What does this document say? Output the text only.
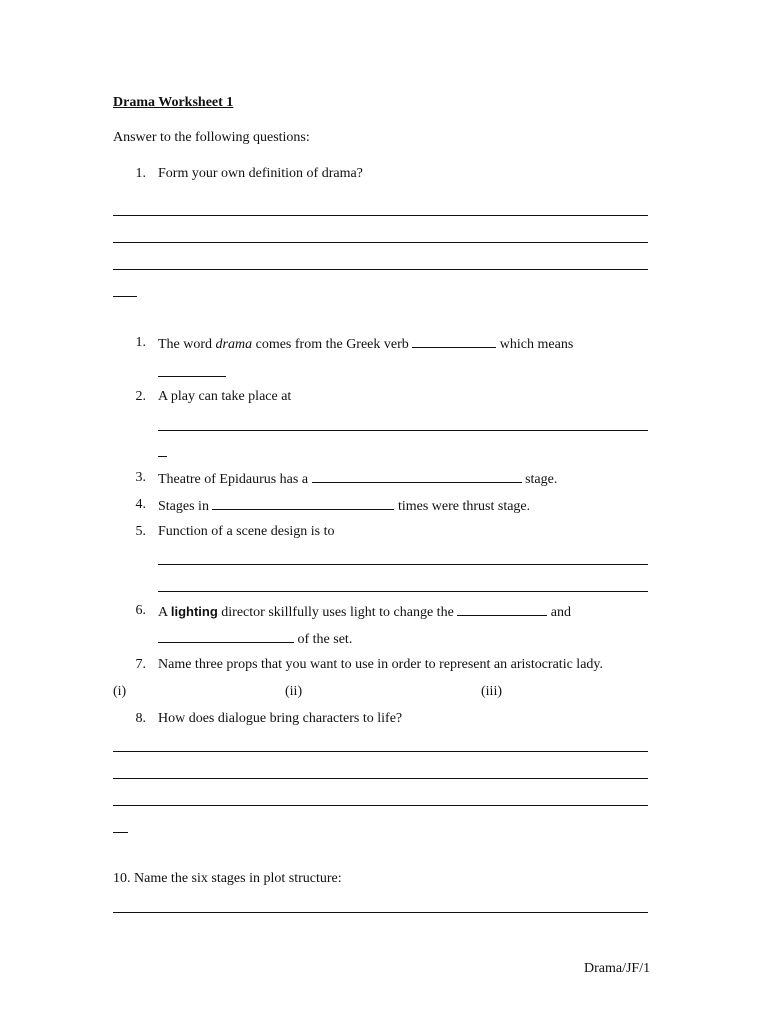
Drama Worksheet 1
Answer to the following questions:
1. Form your own definition of drama?
1. The word drama comes from the Greek verb	which means
2. A play can take place at
3. Theatre of Epidaurus has a	stage.
4. Stages in	times were thrust stage.
5. Function of a scene design is to
6. A lighting director skillfully uses light to change the	and
of the set.
7. Name three props that you want to use in order to represent an aristocratic lady.
(i)	(ii)	(iii)
8. How does dialogue bring characters to life?
10. Name the six stages in plot structure:
Drama/JF/1
